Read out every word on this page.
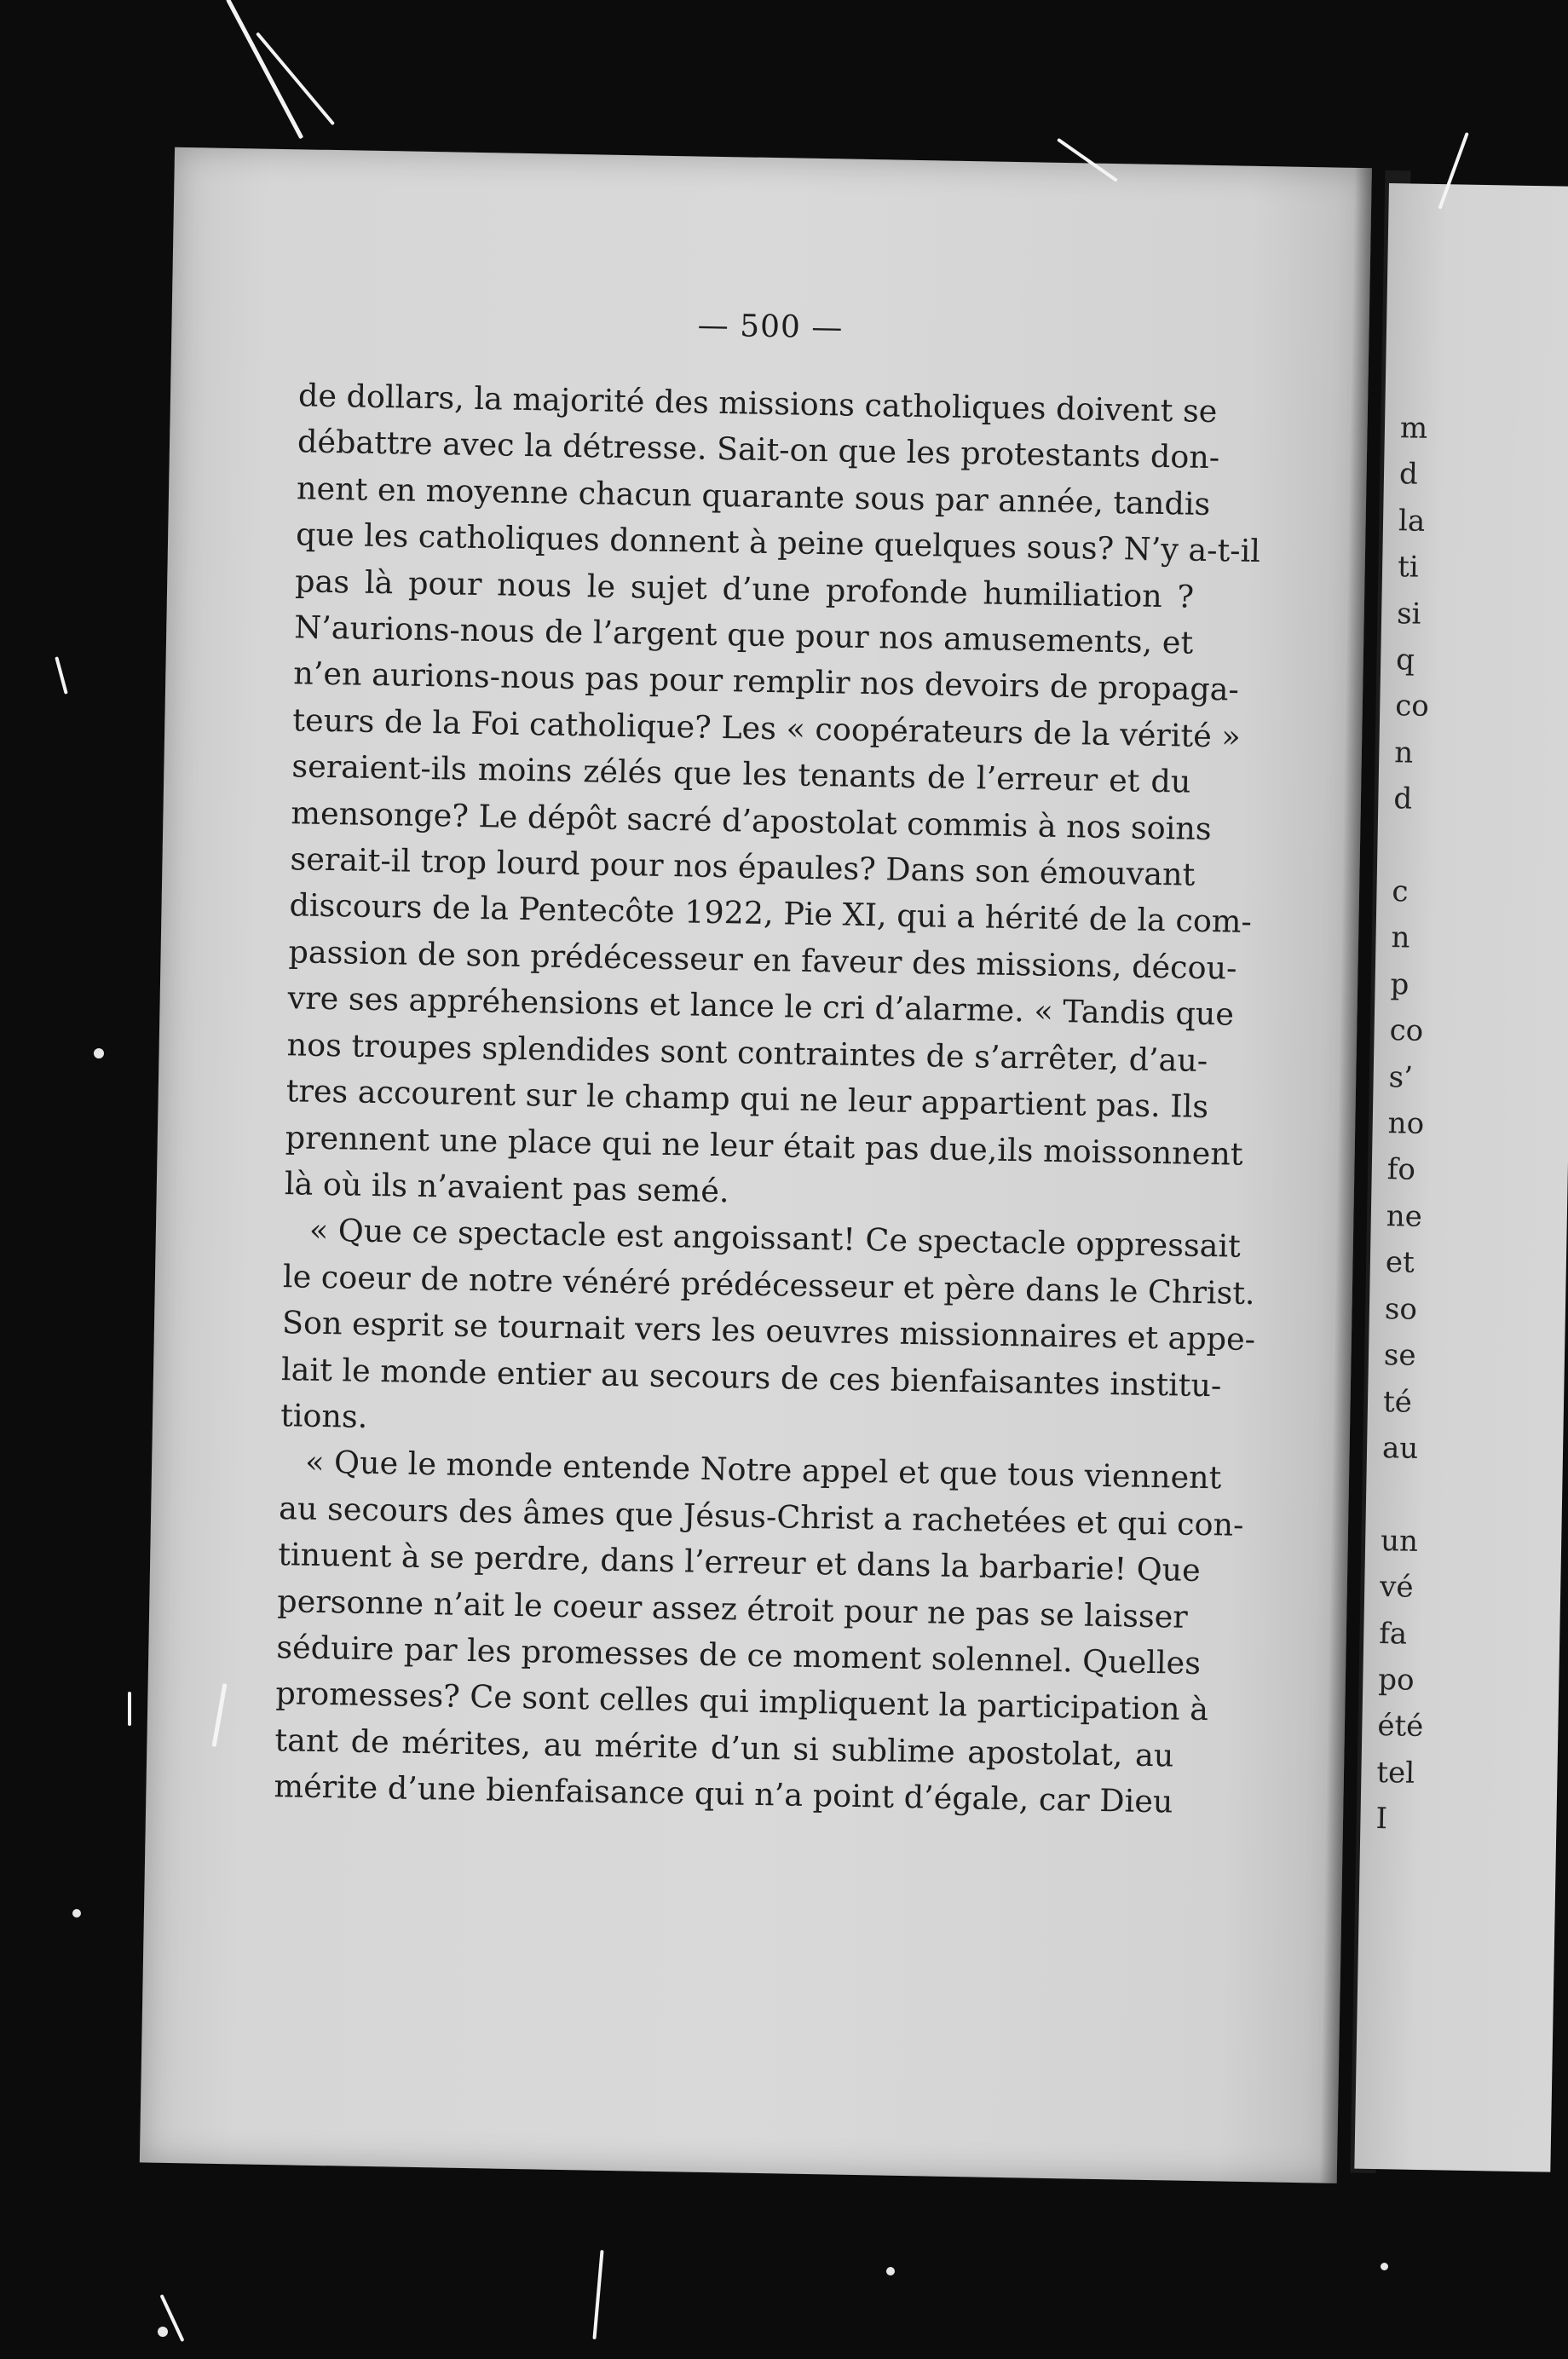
— 500 —
de dollars, la majorité des missions catholiques doivent se
débattre avec la détresse. Sait-on que les protestants don-
nent en moyenne chacun quarante sous par année, tandis
que les catholiques donnent à peine quelques sous? N’y a-t-il
pas là pour nous le sujet d’une profonde humiliation ?
N’aurions-nous de l’argent que pour nos amusements, et
n’en aurions-nous pas pour remplir nos devoirs de propaga-
teurs de la Foi catholique? Les « coopérateurs de la vérité »
seraient-ils moins zélés que les tenants de l’erreur et du
mensonge? Le dépôt sacré d’apostolat commis à nos soins
serait-il trop lourd pour nos épaules? Dans son émouvant
discours de la Pentecôte 1922, Pie XI, qui a hérité de la com-
passion de son prédécesseur en faveur des missions, décou-
vre ses appréhensions et lance le cri d’alarme. « Tandis que
nos troupes splendides sont contraintes de s’arrêter, d’au-
tres accourent sur le champ qui ne leur appartient pas. Ils
prennent une place qui ne leur était pas due,ils moissonnent
là où ils n’avaient pas semé.
« Que ce spectacle est angoissant! Ce spectacle oppressait
le coeur de notre vénéré prédécesseur et père dans le Christ.
Son esprit se tournait vers les oeuvres missionnaires et appe-
lait le monde entier au secours de ces bienfaisantes institu-
tions.
« Que le monde entende Notre appel et que tous viennent
au secours des âmes que Jésus-Christ a rachetées et qui con-
tinuent à se perdre, dans l’erreur et dans la barbarie! Que
personne n’ait le coeur assez étroit pour ne pas se laisser
séduire par les promesses de ce moment solennel. Quelles
promesses? Ce sont celles qui impliquent la participation à
tant de mérites, au mérite d’un si sublime apostolat, au
mérite d’une bienfaisance qui n’a point d’égale, car Dieu
m
d
la
ti
si
q
co
n
d
c
n
p
co
s’
no
fo
ne
et
so
se
té
au
un
vé
fa
po
été
tel
I
